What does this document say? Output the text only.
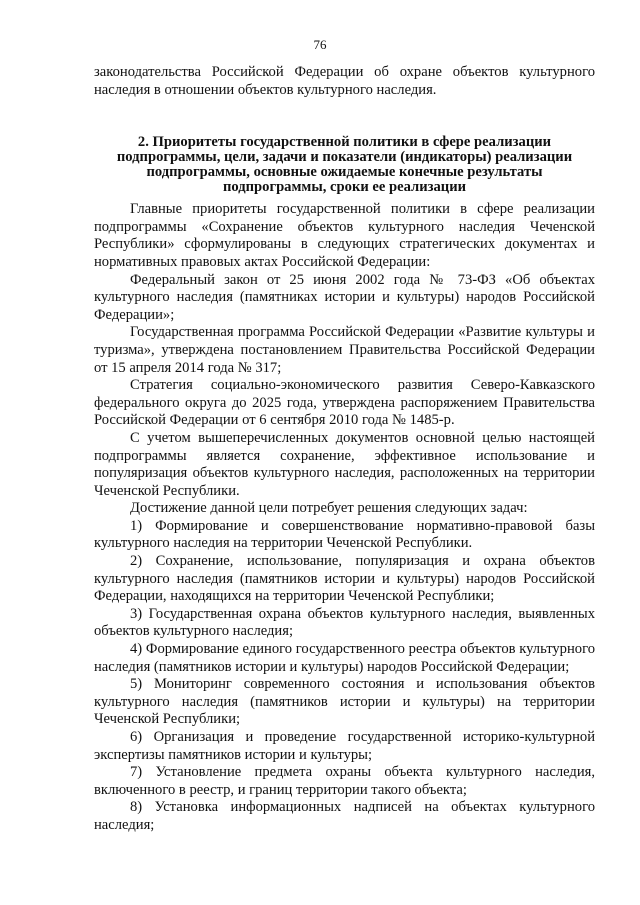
76

законодательства Российской Федерации об охране объектов культурного наследия в отношении объектов культурного наследия.

2. Приоритеты государственной политики в сфере реализации подпрограммы, цели, задачи и показатели (индикаторы) реализации подпрограммы, основные ожидаемые конечные результаты подпрограммы, сроки ее реализации

Главные приоритеты государственной политики в сфере реализации подпрограммы «Сохранение объектов культурного наследия Чеченской Республики» сформулированы в следующих стратегических документах и нормативных правовых актах Российской Федерации:

Федеральный закон от 25 июня 2002 года № 73-ФЗ «Об объектах культурного наследия (памятниках истории и культуры) народов Российской Федерации»;

Государственная программа Российской Федерации «Развитие культуры и туризма», утверждена постановлением Правительства Российской Федерации от 15 апреля 2014 года № 317;

Стратегия социально-экономического развития Северо-Кавказского федерального округа до 2025 года, утверждена распоряжением Правительства Российской Федерации от 6 сентября 2010 года № 1485-р.

С учетом вышеперечисленных документов основной целью настоящей подпрограммы является сохранение, эффективное использование и популяризация объектов культурного наследия, расположенных на территории Чеченской Республики.

Достижение данной цели потребует решения следующих задач:

1) Формирование и совершенствование нормативно-правовой базы культурного наследия на территории Чеченской Республики.

2) Сохранение, использование, популяризация и охрана объектов культурного наследия (памятников истории и культуры) народов Российской Федерации, находящихся на территории Чеченской Республики;

3) Государственная охрана объектов культурного наследия, выявленных объектов культурного наследия;

4) Формирование единого государственного реестра объектов культурного наследия (памятников истории и культуры) народов Российской Федерации;

5) Мониторинг современного состояния и использования объектов культурного наследия (памятников истории и культуры) на территории Чеченской Республики;

6) Организация и проведение государственной историко-культурной экспертизы памятников истории и культуры;

7) Установление предмета охраны объекта культурного наследия, включенного в реестр, и границ территории такого объекта;

8) Установка информационных надписей на объектах культурного наследия;
